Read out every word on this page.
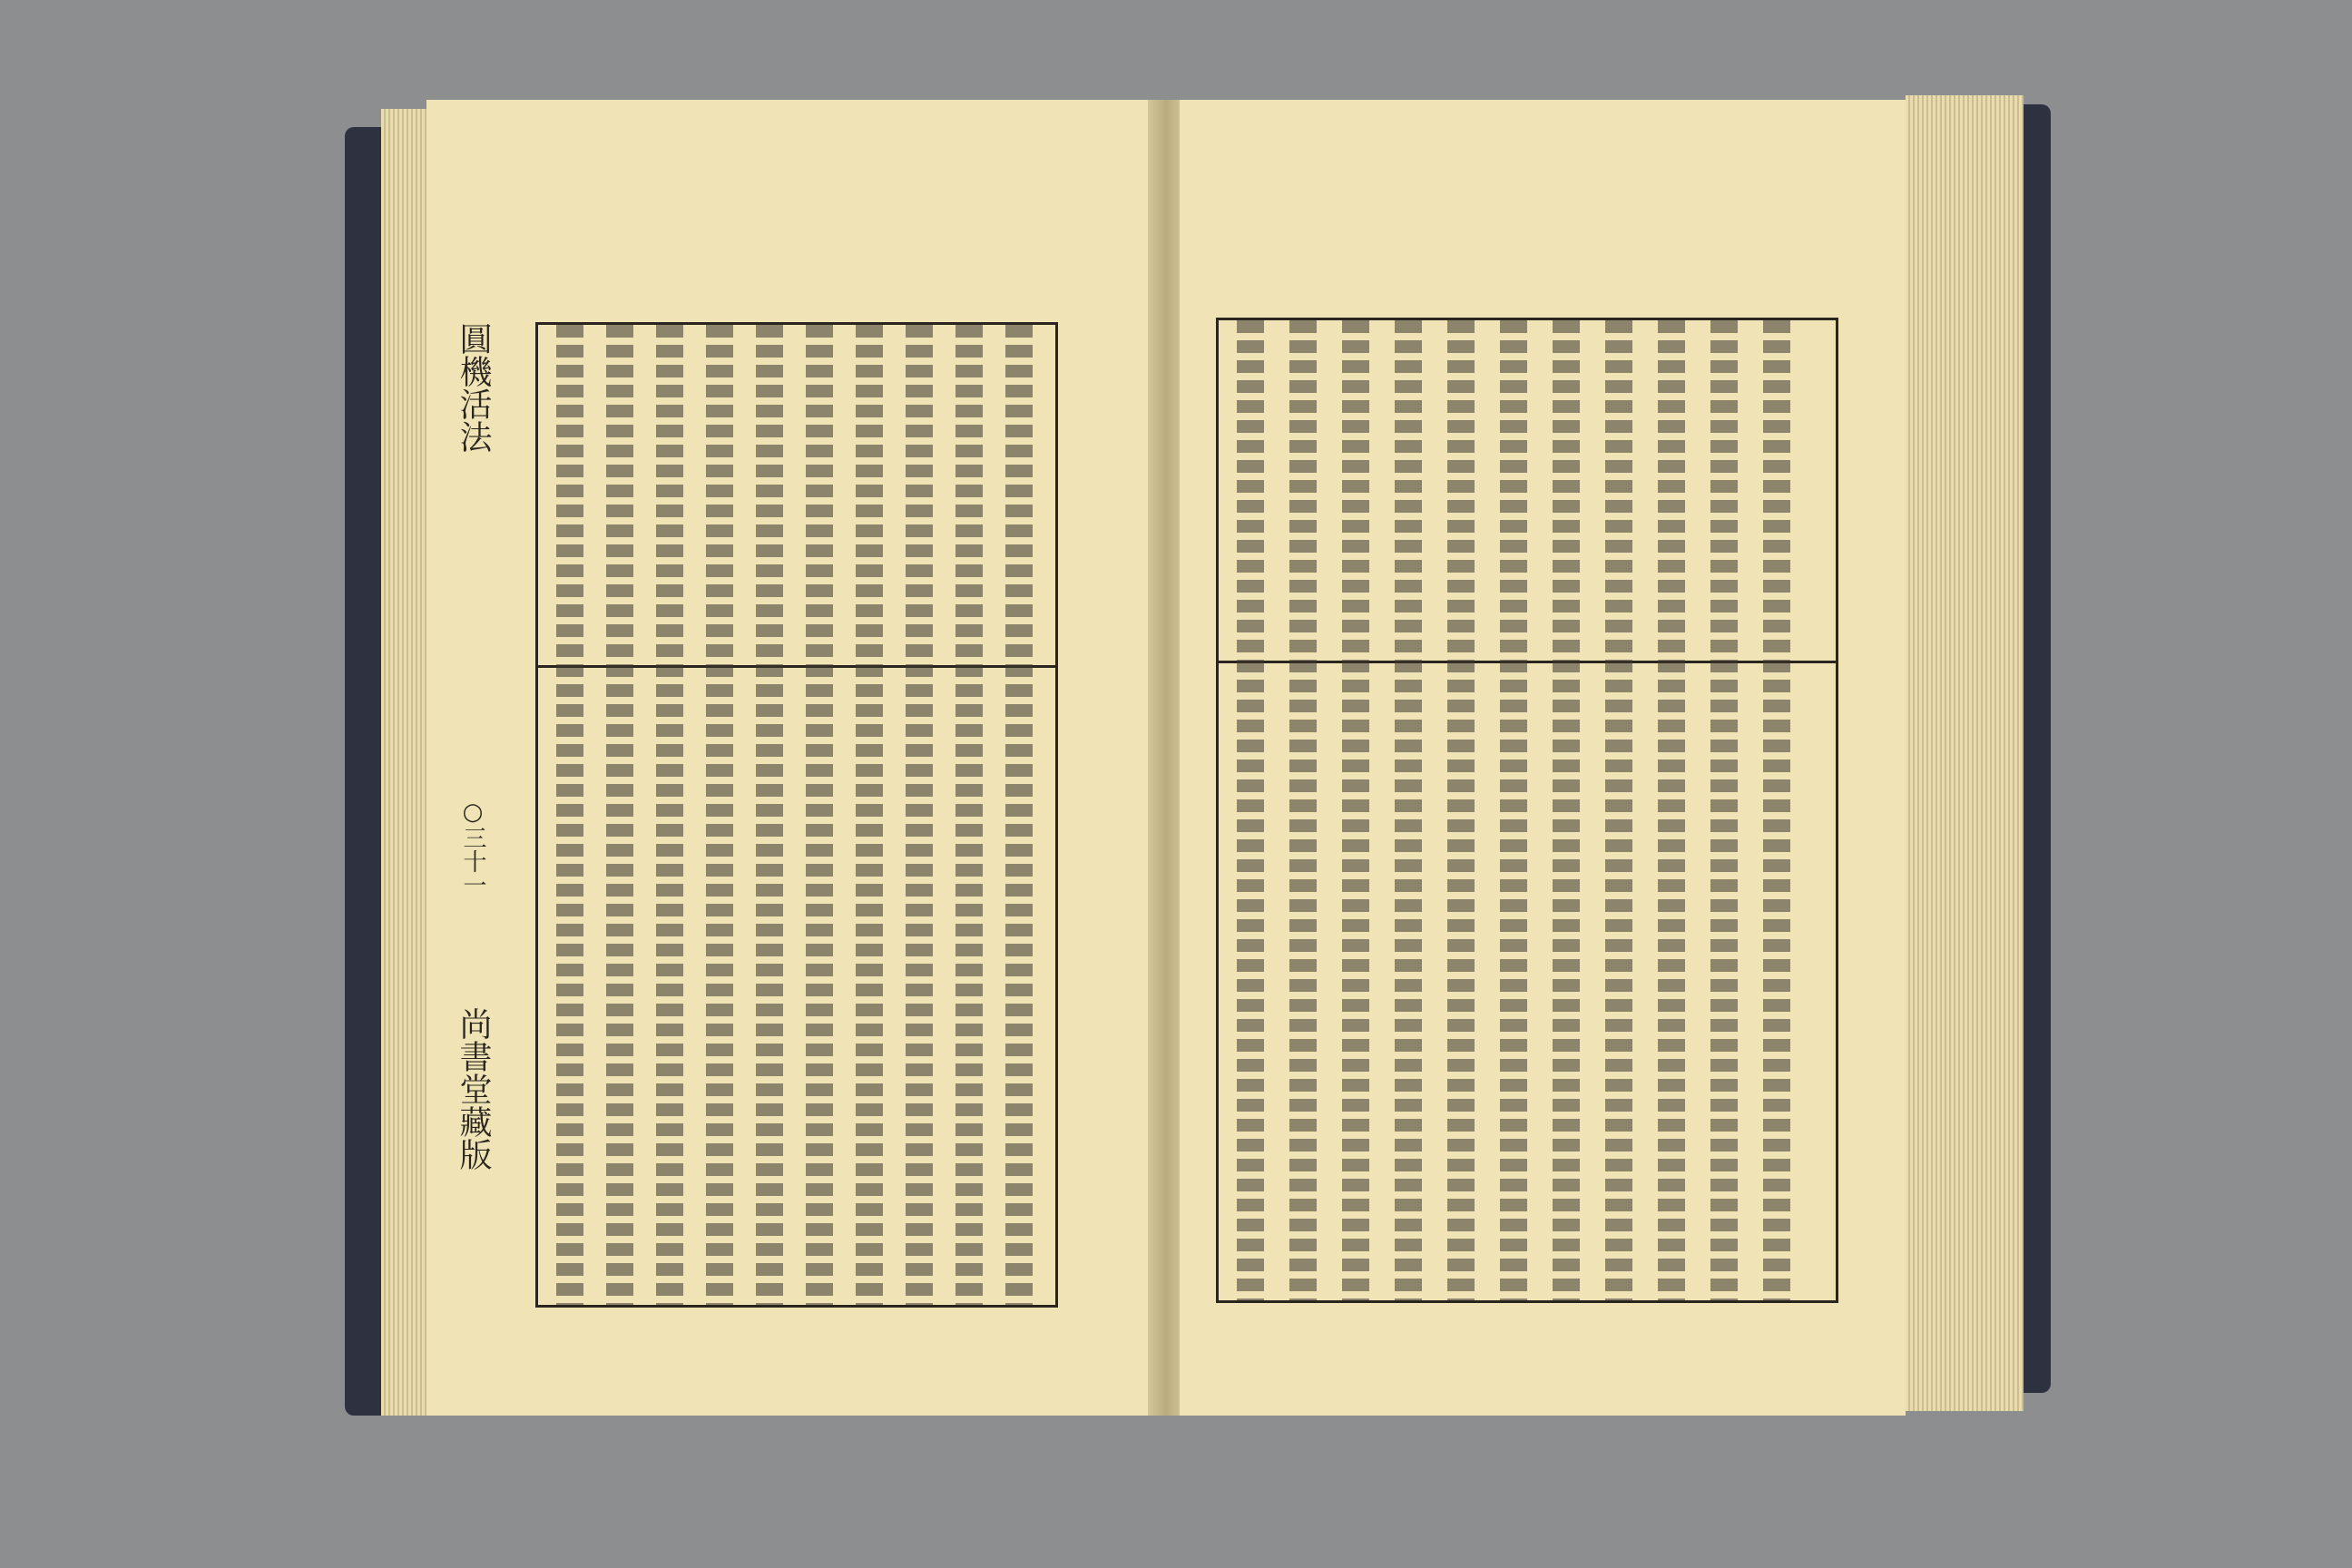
圓機活法
尚書堂藏版
○三十一
